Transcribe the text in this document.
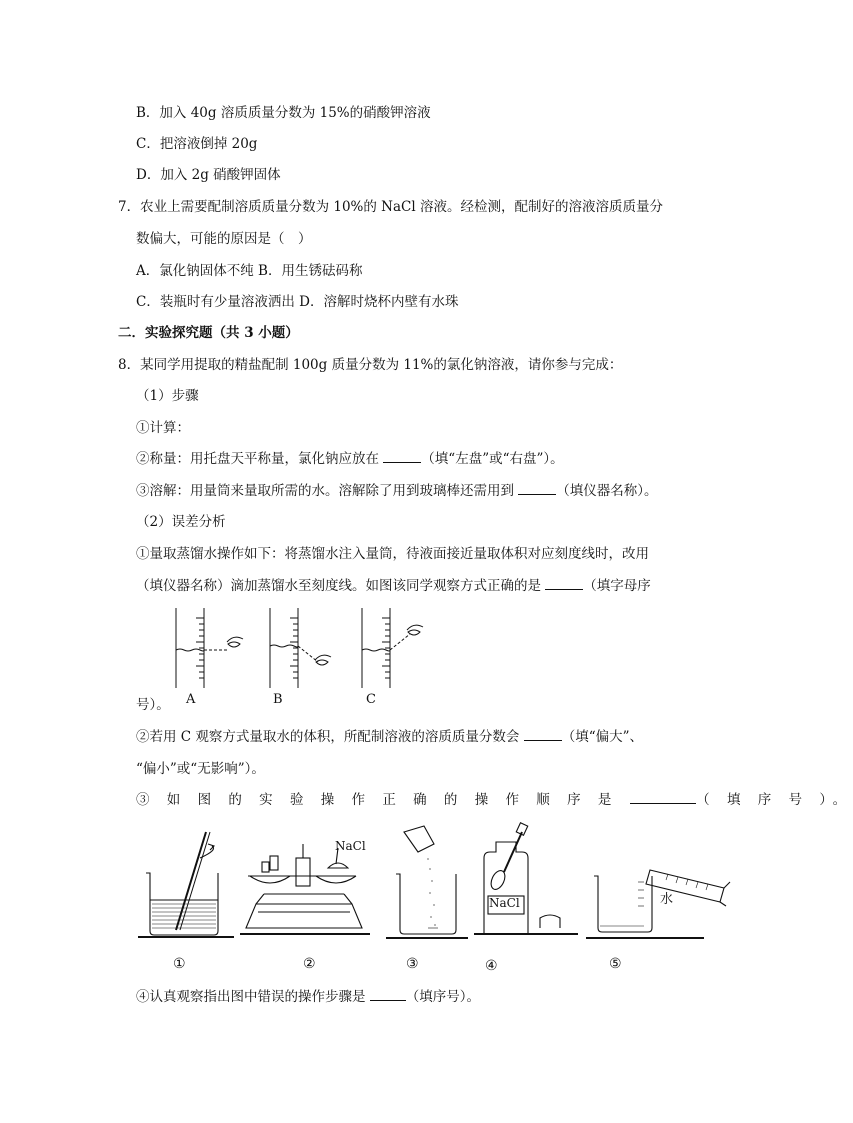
B．加入 40g 溶质质量分数为 15%的硝酸钾溶液
C．把溶液倒掉 20g
D．加入 2g 硝酸钾固体
7．农业上需要配制溶质质量分数为 10%的 NaCl 溶液。经检测，配制好的溶液溶质质量分
数偏大，可能的原因是（　）
A．氯化钠固体不纯 B．用生锈砝码称
C．装瓶时有少量溶液洒出 D．溶解时烧杯内壁有水珠
二．实验探究题（共 3 小题）
8．某同学用提取的精盐配制 100g 质量分数为 11%的氯化钠溶液，请你参与完成：
（1）步骤
①计算：
②称量：用托盘天平称量，氯化钠应放在	（填“左盘”或“右盘”）。
③溶解：用量筒来量取所需的水。溶解除了用到玻璃棒还需用到	（填仪器名称）。
（2）误差分析
①量取蒸馏水操作如下：将蒸馏水注入量筒，待液面接近量取体积对应刻度线时，改用
（填仪器名称）滴加蒸馏水至刻度线。如图该同学观察方式正确的是	（填字母序
A	B	C
号）。
②若用 C 观察方式量取水的体积，所配制溶液的溶质质量分数会	（填“偏大”、
“偏小”或“无影响”）。
③ 如 图 的 实 验 操 作 正 确 的 操 作 顺 序 是	（ 填 序 号 ）。
NaCl
NaCl	水
①	②	③	④	⑤
④认真观察指出图中错误的操作步骤是	（填序号）。
